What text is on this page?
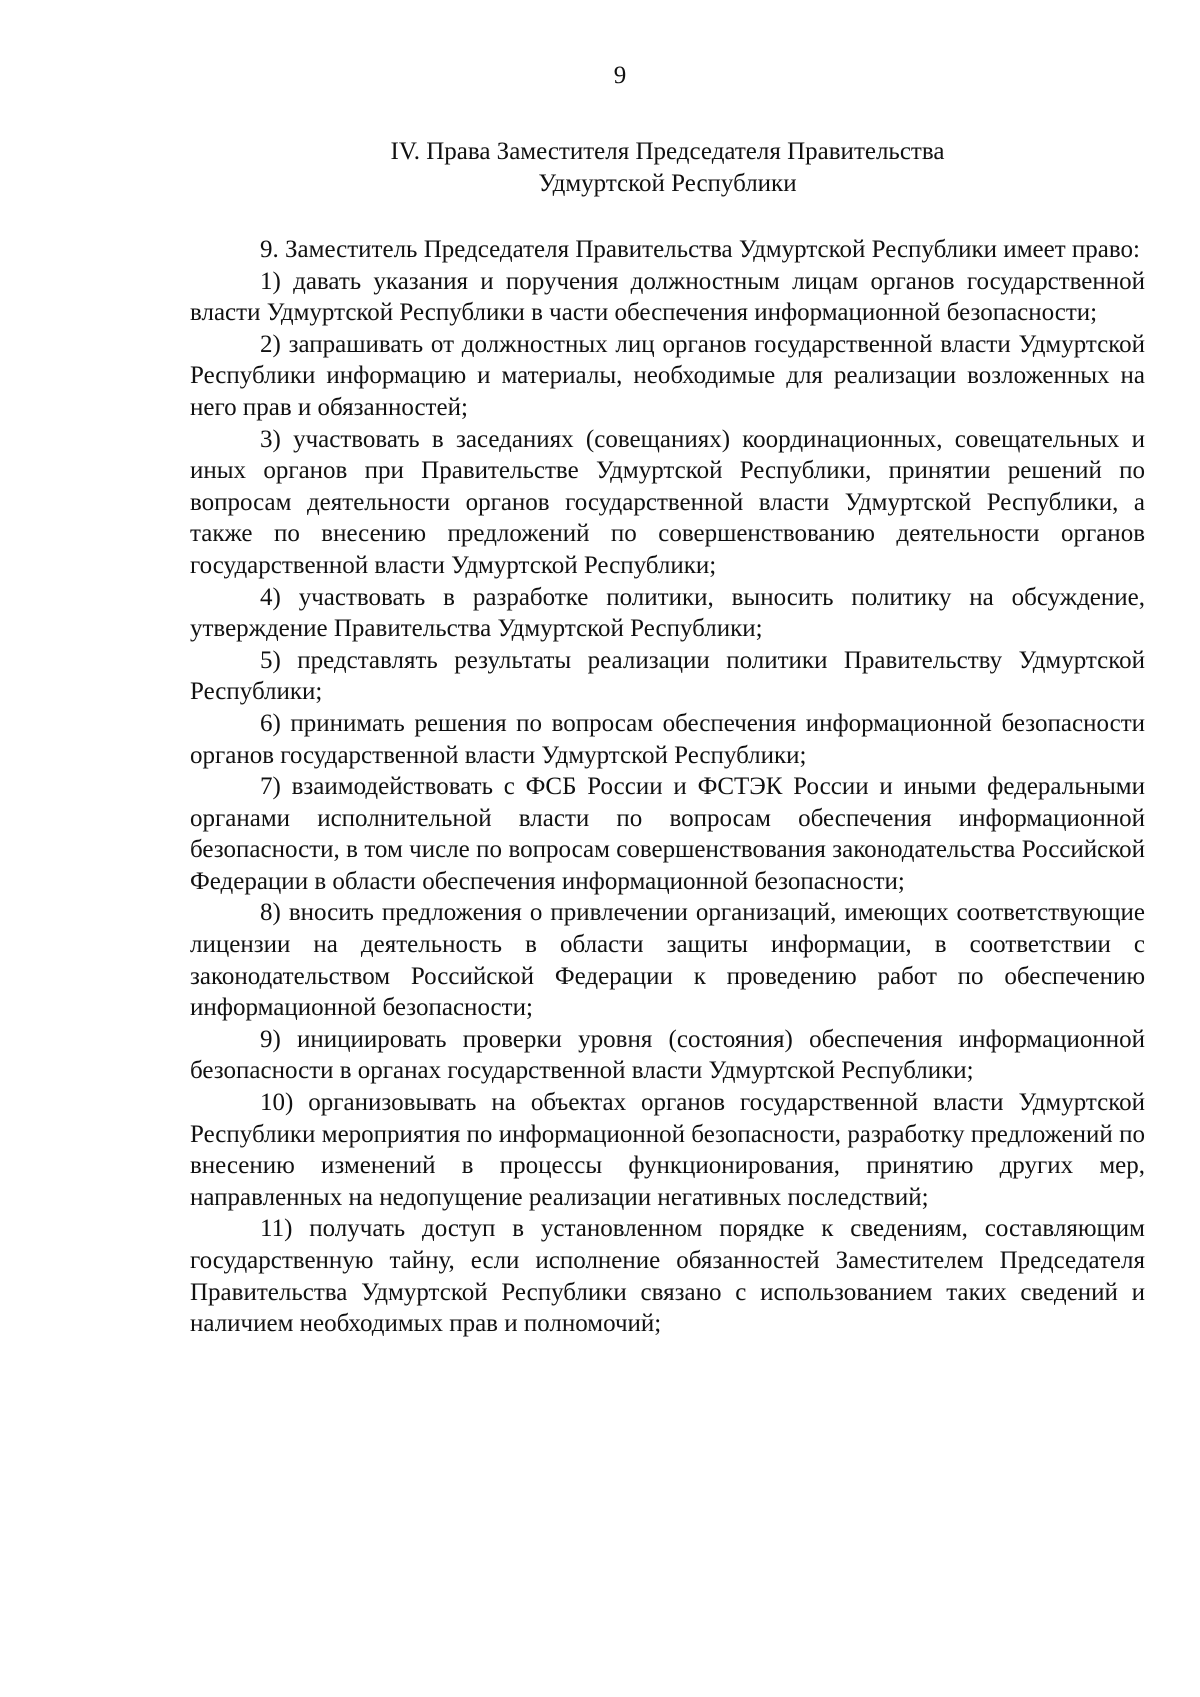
9
IV. Права Заместителя Председателя Правительства
Удмуртской Республики

9. Заместитель Председателя Правительства Удмуртской Республики имеет право:

1) давать указания и поручения должностным лицам органов государственной власти Удмуртской Республики в части обеспечения информационной безопасности;

2) запрашивать от должностных лиц органов государственной власти Удмуртской Республики информацию и материалы, необходимые для реализации возложенных на него прав и обязанностей;

3) участвовать в заседаниях (совещаниях) координационных, совещательных и иных органов при Правительстве Удмуртской Республики, принятии решений по вопросам деятельности органов государственной власти Удмуртской Республики, а также по внесению предложений по совершенствованию деятельности органов государственной власти Удмуртской Республики;

4) участвовать в разработке политики, выносить политику на обсуждение, утверждение Правительства Удмуртской Республики;

5) представлять результаты реализации политики Правительству Удмуртской Республики;

6) принимать решения по вопросам обеспечения информационной безопасности органов государственной власти Удмуртской Республики;

7) взаимодействовать с ФСБ России и ФСТЭК России и иными федеральными органами исполнительной власти по вопросам обеспечения информационной безопасности, в том числе по вопросам совершенствования законодательства Российской Федерации в области обеспечения информационной безопасности;

8) вносить предложения о привлечении организаций, имеющих соответствующие лицензии на деятельность в области защиты информации, в соответствии с законодательством Российской Федерации к проведению работ по обеспечению информационной безопасности;

9) инициировать проверки уровня (состояния) обеспечения информационной безопасности в органах государственной власти Удмуртской Республики;

10) организовывать на объектах органов государственной власти Удмуртской Республики мероприятия по информационной безопасности, разработку предложений по внесению изменений в процессы функционирования, принятию других мер, направленных на недопущение реализации негативных последствий;

11) получать доступ в установленном порядке к сведениям, составляющим государственную тайну, если исполнение обязанностей Заместителем Председателя Правительства Удмуртской Республики связано с использованием таких сведений и наличием необходимых прав и полномочий;
